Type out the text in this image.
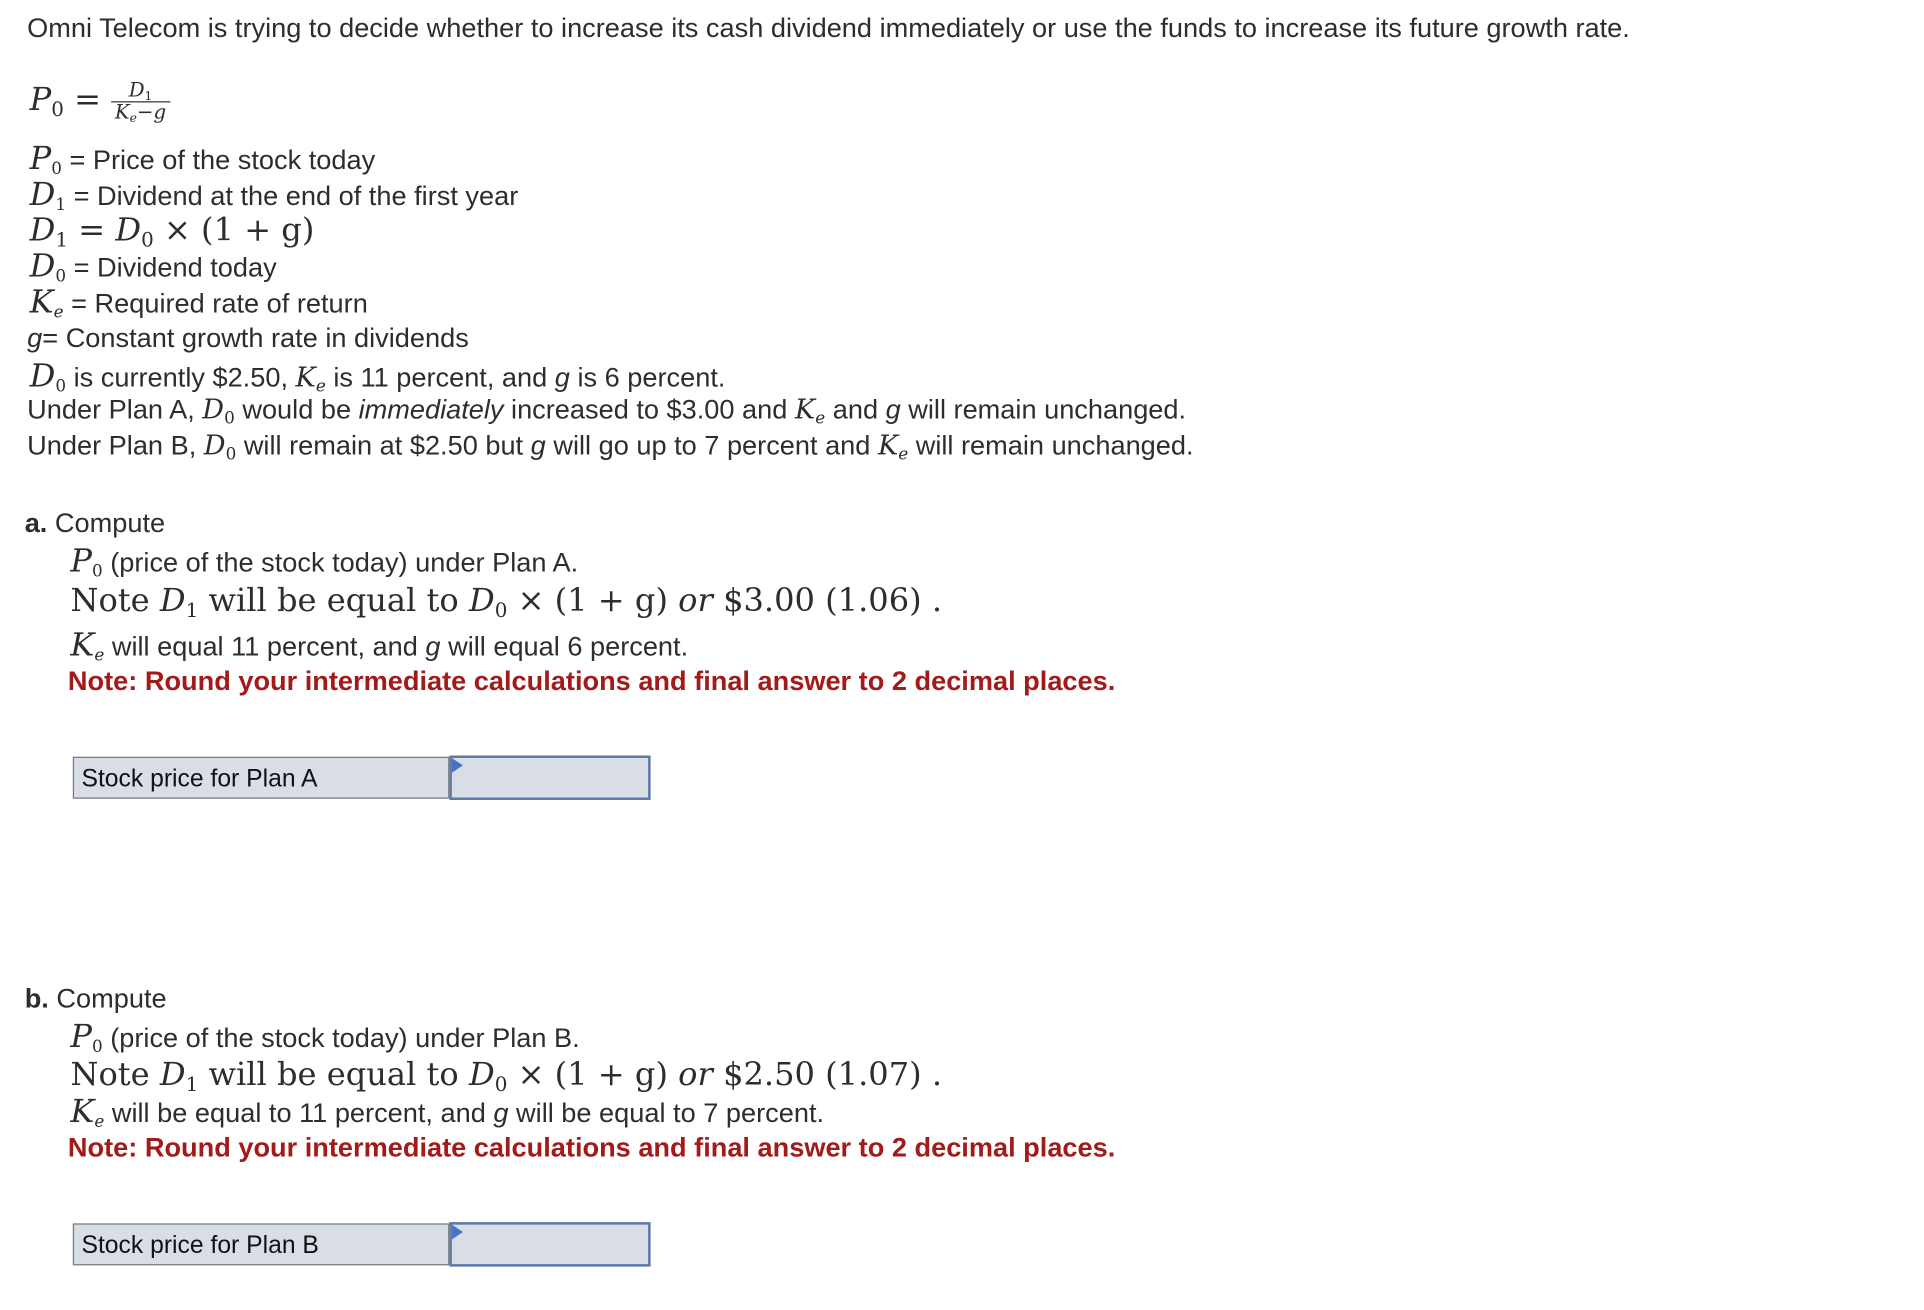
Omni Telecom is trying to decide whether to increase its cash dividend immediately or use the funds to increase its future growth rate.
$P_0 = \frac{D_1}{K_e-g}$
$P_0$ = Price of the stock today
$D_1$ = Dividend at the end of the first year
$D_1 = D_0 \times (1 + g)$
$D_0$ = Dividend today
$K_e$ = Required rate of return
g= Constant growth rate in dividends
$D_0$ is currently $2.50, $K_e$ is 11 percent, and g is 6 percent.
Under Plan A, $D_0$ would be immediately increased to $3.00 and $K_e$ and g will remain unchanged.
Under Plan B, $D_0$ will remain at $2.50 but g will go up to 7 percent and $K_e$ will remain unchanged.
a. Compute
$P_0$ (price of the stock today) under Plan A.
Note $D_1$ will be equal to $D_0 \times (1 + g)$ or $3.00 (1.06) .
$K_e$ will equal 11 percent, and g will equal 6 percent.
Note: Round your intermediate calculations and final answer to 2 decimal places.
Stock price for Plan A
b. Compute
$P_0$ (price of the stock today) under Plan B.
Note $D_1$ will be equal to $D_0 \times (1 + g)$ or $2.50 (1.07) .
$K_e$ will be equal to 11 percent, and g will be equal to 7 percent.
Note: Round your intermediate calculations and final answer to 2 decimal places.
Stock price for Plan B
